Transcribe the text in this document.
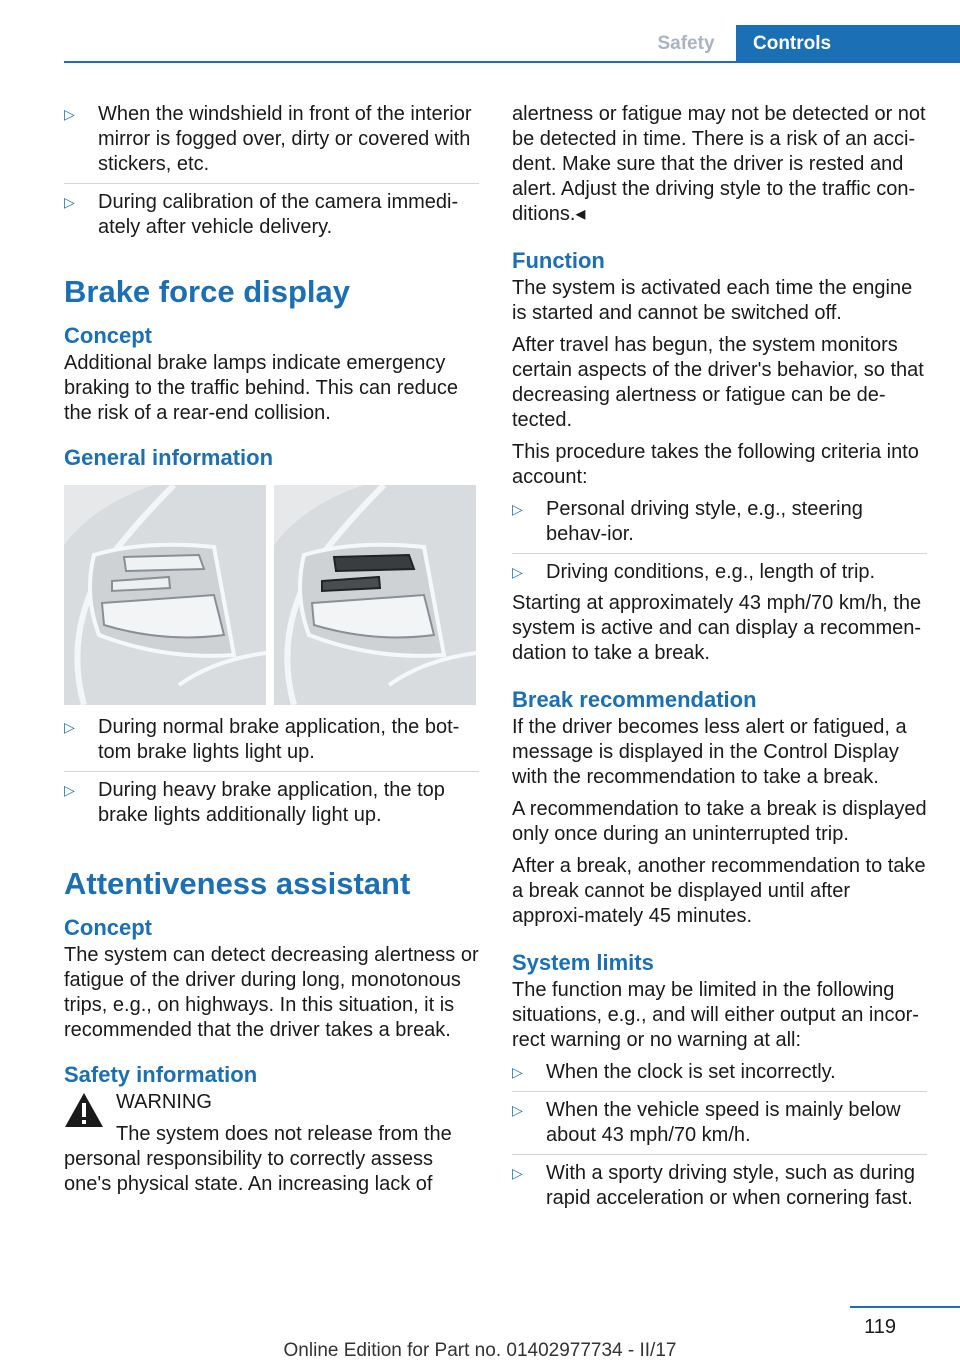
Safety	Controls
▷	When the windshield in front of the interior mirror is fogged over, dirty or covered with stickers, etc.
▷	During calibration of the camera immedi‐ately after vehicle delivery.
Brake force display
Concept

Additional brake lamps indicate emergency braking to the traffic behind. This can reduce the risk of a rear-end collision.

General information
▷	During normal brake application, the bot‐tom brake lights light up.
▷	During heavy brake application, the top brake lights additionally light up.
Attentiveness assistant
Concept

The system can detect decreasing alertness or fatigue of the driver during long, monotonous trips, e.g., on highways. In this situation, it is recommended that the driver takes a break.

Safety information
WARNING

The system does not release from the personal responsibility to correctly assess one's physical state. An increasing lack of

alertness or fatigue may not be detected or not be detected in time. There is a risk of an acci‐dent. Make sure that the driver is rested and alert. Adjust the driving style to the traffic con‐ditions.◂

Function

The system is activated each time the engine is started and cannot be switched off.

After travel has begun, the system monitors certain aspects of the driver's behavior, so that decreasing alertness or fatigue can be de‐tected.

This procedure takes the following criteria into account:

▷	Personal driving style, e.g., steering behav‐ior.
▷	Driving conditions, e.g., length of trip.

Starting at approximately 43 mph/70 km/h, the system is active and can display a recommen‐dation to take a break.

Break recommendation

If the driver becomes less alert or fatigued, a message is displayed in the Control Display with the recommendation to take a break.

A recommendation to take a break is displayed only once during an uninterrupted trip.

After a break, another recommendation to take a break cannot be displayed until after approxi‐mately 45 minutes.

System limits

The function may be limited in the following situations, e.g., and will either output an incor‐rect warning or no warning at all:

▷	When the clock is set incorrectly.
▷	When the vehicle speed is mainly below about 43 mph/70 km/h.
▷	With a sporty driving style, such as during rapid acceleration or when cornering fast.
119
Online Edition for Part no. 01402977734 - II/17
